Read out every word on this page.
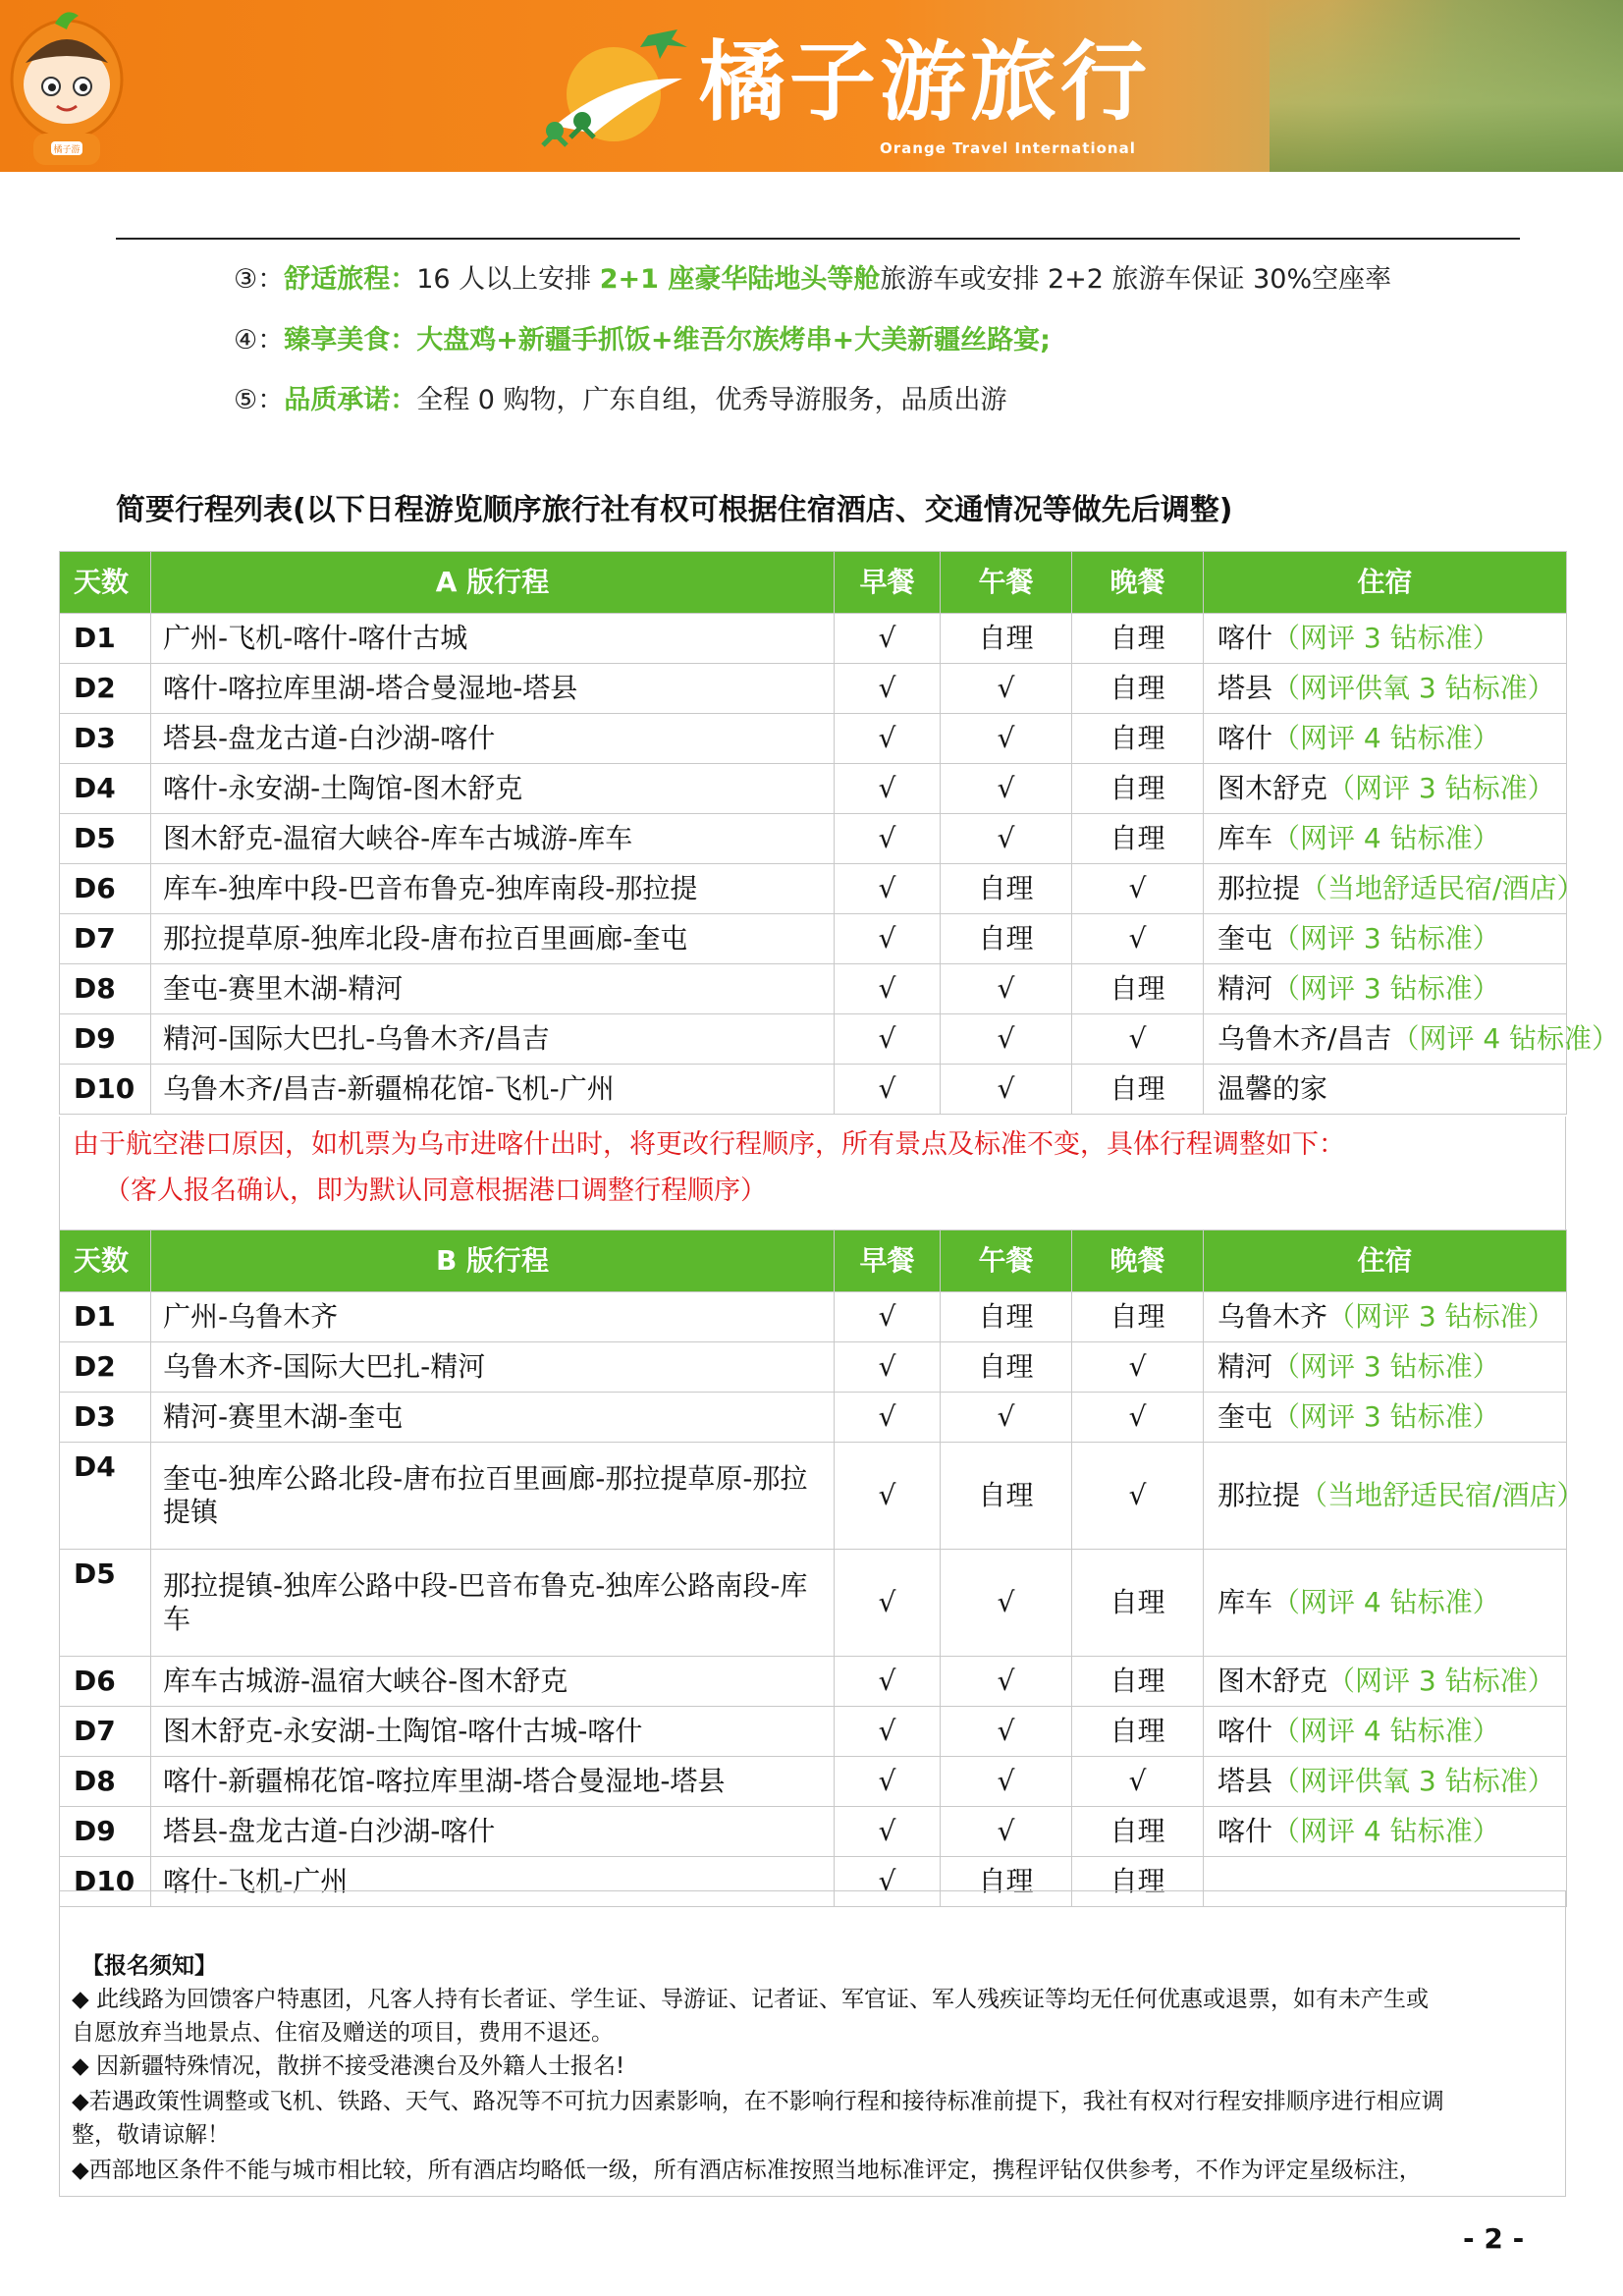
橘子游
橘子游旅行
Orange Travel International
③：舒适旅程：16 人以上安排 2+1 座豪华陆地头等舱旅游车或安排 2+2 旅游车保证 30%空座率
④：臻享美食：大盘鸡+新疆手抓饭+维吾尔族烤串+大美新疆丝路宴;
⑤：品质承诺：全程 0 购物，广东自组，优秀导游服务，品质出游
简要行程列表(以下日程游览顺序旅行社有权可根据住宿酒店、交通情况等做先后调整)
天数	A 版行程	早餐	午餐	晚餐	住宿
D1	广州-飞机-喀什-喀什古城	√	自理	自理	喀什（网评 3 钻标准）
D2	喀什-喀拉库里湖-塔合曼湿地-塔县	√	√	自理	塔县（网评供氧 3 钻标准）
D3	塔县-盘龙古道-白沙湖-喀什	√	√	自理	喀什（网评 4 钻标准）
D4	喀什-永安湖-土陶馆-图木舒克	√	√	自理	图木舒克（网评 3 钻标准）
D5	图木舒克-温宿大峡谷-库车古城游-库车	√	√	自理	库车（网评 4 钻标准）
D6	库车-独库中段-巴音布鲁克-独库南段-那拉提	√	自理	√	那拉提（当地舒适民宿/酒店）
D7	那拉提草原-独库北段-唐布拉百里画廊-奎屯	√	自理	√	奎屯（网评 3 钻标准）
D8	奎屯-赛里木湖-精河	√	√	自理	精河（网评 3 钻标准）
D9	精河-国际大巴扎-乌鲁木齐/昌吉	√	√	√	乌鲁木齐/昌吉（网评 4 钻标准）
D10	乌鲁木齐/昌吉-新疆棉花馆-飞机-广州	√	√	自理	温馨的家
由于航空港口原因，如机票为乌市进喀什出时，将更改行程顺序，所有景点及标准不变，具体行程调整如下：
（客人报名确认，即为默认同意根据港口调整行程顺序）
天数	B 版行程	早餐	午餐	晚餐	住宿
D1	广州-乌鲁木齐	√	自理	自理	乌鲁木齐（网评 3 钻标准）
D2	乌鲁木齐-国际大巴扎-精河	√	自理	√	精河（网评 3 钻标准）
D3	精河-赛里木湖-奎屯	√	√	√	奎屯（网评 3 钻标准）
D4	奎屯-独库公路北段-唐布拉百里画廊-那拉提草原-那拉提镇	√	自理	√	那拉提（当地舒适民宿/酒店）
D5	那拉提镇-独库公路中段-巴音布鲁克-独库公路南段-库车	√	√	自理	库车（网评 4 钻标准）
D6	库车古城游-温宿大峡谷-图木舒克	√	√	自理	图木舒克（网评 3 钻标准）
D7	图木舒克-永安湖-土陶馆-喀什古城-喀什	√	√	自理	喀什（网评 4 钻标准）
D8	喀什-新疆棉花馆-喀拉库里湖-塔合曼湿地-塔县	√	√	√	塔县（网评供氧 3 钻标准）
D9	塔县-盘龙古道-白沙湖-喀什	√	√	自理	喀什（网评 4 钻标准）
D10	喀什-飞机-广州	√	自理	自理	
【报名须知】
◆ 此线路为回馈客户特惠团，凡客人持有长者证、学生证、导游证、记者证、军官证、军人残疾证等均无任何优惠或退票，如有未产生或
自愿放弃当地景点、住宿及赠送的项目，费用不退还。
◆ 因新疆特殊情况，散拼不接受港澳台及外籍人士报名!
◆若遇政策性调整或飞机、铁路、天气、路况等不可抗力因素影响，在不影响行程和接待标准前提下，我社有权对行程安排顺序进行相应调
整，敬请谅解！
◆西部地区条件不能与城市相比较，所有酒店均略低一级，所有酒店标准按照当地标准评定，携程评钻仅供参考，不作为评定星级标注，
- 2 -
